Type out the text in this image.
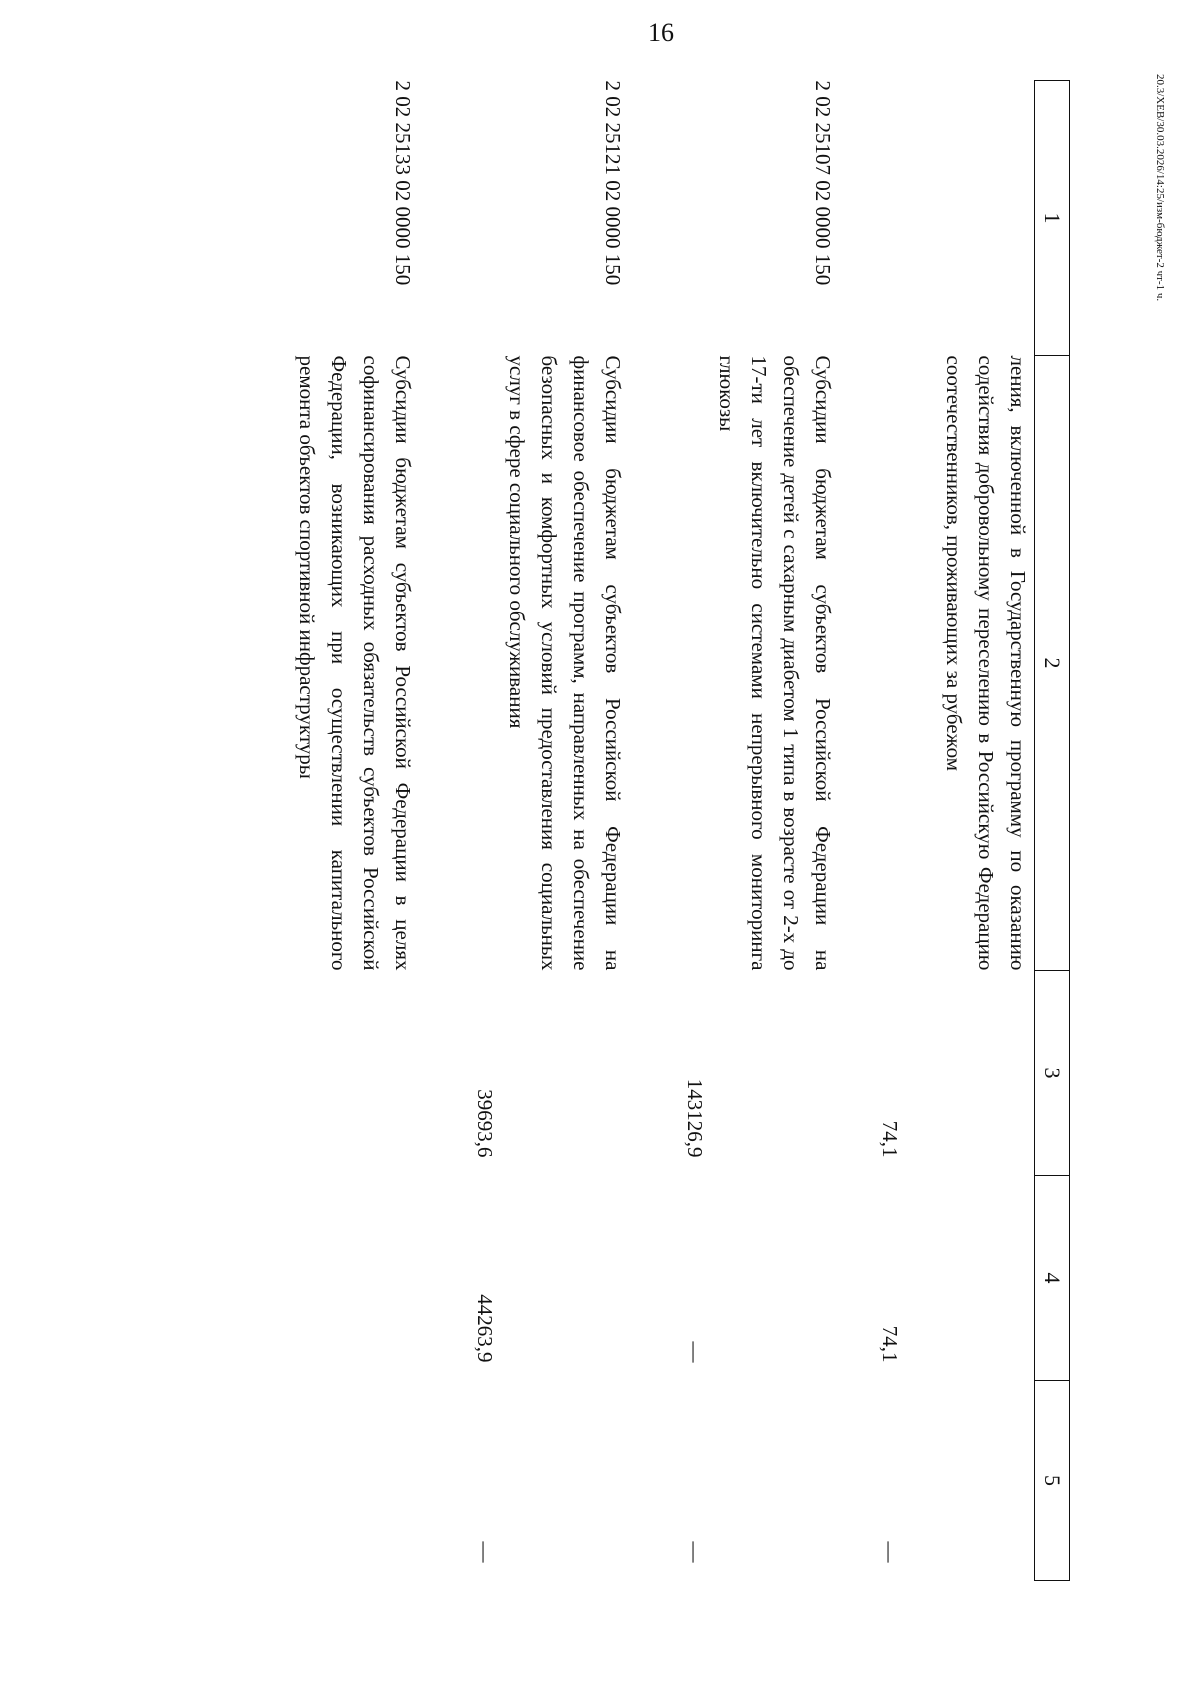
16
20.3/ХЕВ/30.03.2026/14:25/изм-бюджет-2 чт-1 ч.
1	2	3	4	5
	ления, включенной в Государственную программу по оказанию содействия добровольному переселению в Российскую Федерацию соотечественников, проживающих за рубежом	74,1	74,1	—

2 02 25107 02 0000 150	Субсидии бюджетам субъектов Российской Федерации на обеспечение детей с сахарным диабетом 1 типа в возрасте от 2-х до 17-ти лет включительно системами непрерывного мониторинга глюкозы	143126,9	—	—

2 02 25121 02 0000 150	Субсидии бюджетам субъектов Российской Федерации на финансовое обеспечение программ, направленных на обеспечение безопасных и комфортных условий предоставления социальных услуг в сфере социального обслуживания	39693,6	44263,9	—

2 02 25133 02 0000 150	Субсидии бюджетам субъектов Российской Федерации в целях софинансирования расходных обязательств субъектов Российской Федерации, возникающих при осуществлении капитального ремонта объектов спортивной инфраструктуры	
